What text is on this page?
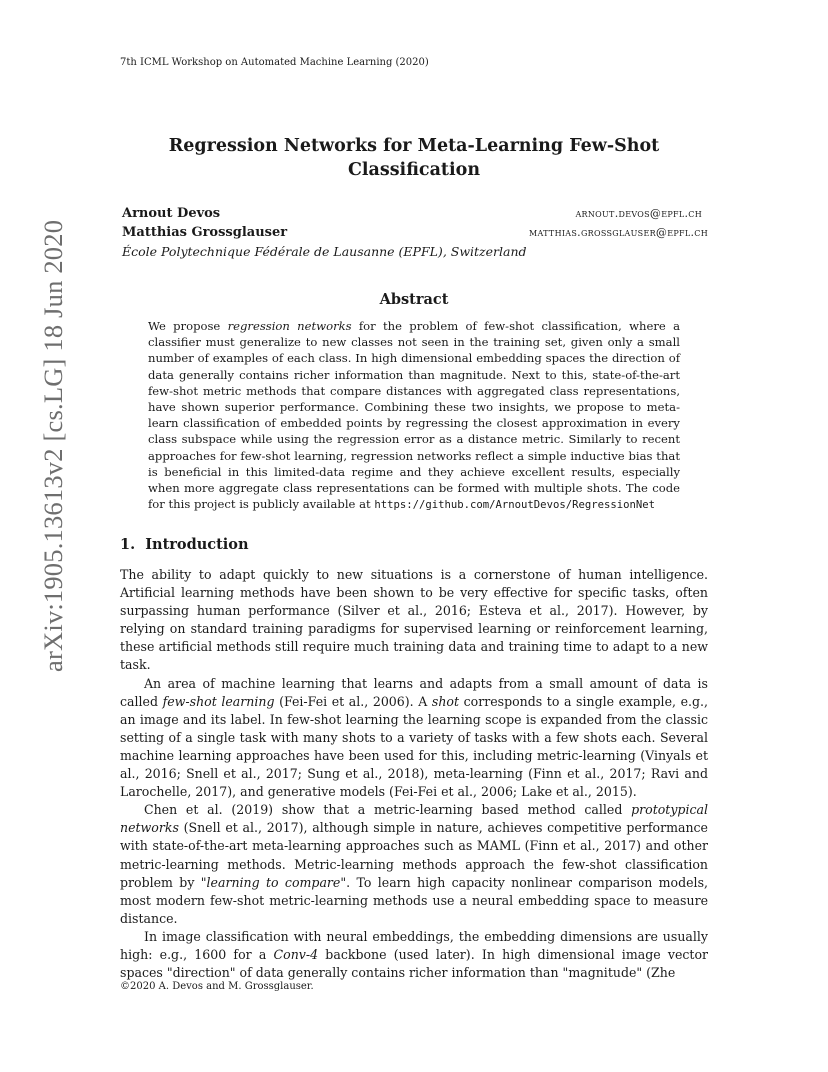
7th ICML Workshop on Automated Machine Learning (2020)
Regression Networks for Meta-Learning Few-Shot Classification
Arnout Devos	arnout.devos@epfl.ch
Matthias Grossglauser	matthias.grossglauser@epfl.ch
École Polytechnique Fédérale de Lausanne (EPFL), Switzerland
arXiv:1905.13613v2 [cs.LG] 18 Jun 2020	Abstract

We propose regression networks for the problem of few-shot classification, where a classifier must generalize to new classes not seen in the training set, given only a small number of examples of each class. In high dimensional embedding spaces the direction of data generally contains richer information than magnitude. Next to this, state-of-the-art few-shot metric methods that compare distances with aggregated class representations, have shown superior performance. Combining these two insights, we propose to meta-learn classification of embedded points by regressing the closest approximation in every class subspace while using the regression error as a distance metric. Similarly to recent approaches for few-shot learning, regression networks reflect a simple inductive bias that is beneficial in this limited-data regime and they achieve excellent results, especially when more aggregate class representations can be formed with multiple shots. The code for this project is publicly available at https://github.com/ArnoutDevos/RegressionNet

1. Introduction

The ability to adapt quickly to new situations is a cornerstone of human intelligence. Artificial learning methods have been shown to be very effective for specific tasks, often surpassing human performance (Silver et al., 2016; Esteva et al., 2017). However, by relying on standard training paradigms for supervised learning or reinforcement learning, these artificial methods still require much training data and training time to adapt to a new task.

An area of machine learning that learns and adapts from a small amount of data is called few-shot learning (Fei-Fei et al., 2006). A shot corresponds to a single example, e.g., an image and its label. In few-shot learning the learning scope is expanded from the classic setting of a single task with many shots to a variety of tasks with a few shots each. Several machine learning approaches have been used for this, including metric-learning (Vinyals et al., 2016; Snell et al., 2017; Sung et al., 2018), meta-learning (Finn et al., 2017; Ravi and Larochelle, 2017), and generative models (Fei-Fei et al., 2006; Lake et al., 2015).

Chen et al. (2019) show that a metric-learning based method called prototypical networks (Snell et al., 2017), although simple in nature, achieves competitive performance with state-of-the-art meta-learning approaches such as MAML (Finn et al., 2017) and other metric-learning methods. Metric-learning methods approach the few-shot classification problem by "learning to compare". To learn high capacity nonlinear comparison models, most modern few-shot metric-learning methods use a neural embedding space to measure distance.

In image classification with neural embeddings, the embedding dimensions are usually high: e.g., 1600 for a Conv-4 backbone (used later). In high dimensional image vector spaces "direction" of data generally contains richer information than "magnitude" (Zhe

©2020 A. Devos and M. Grossglauser.
